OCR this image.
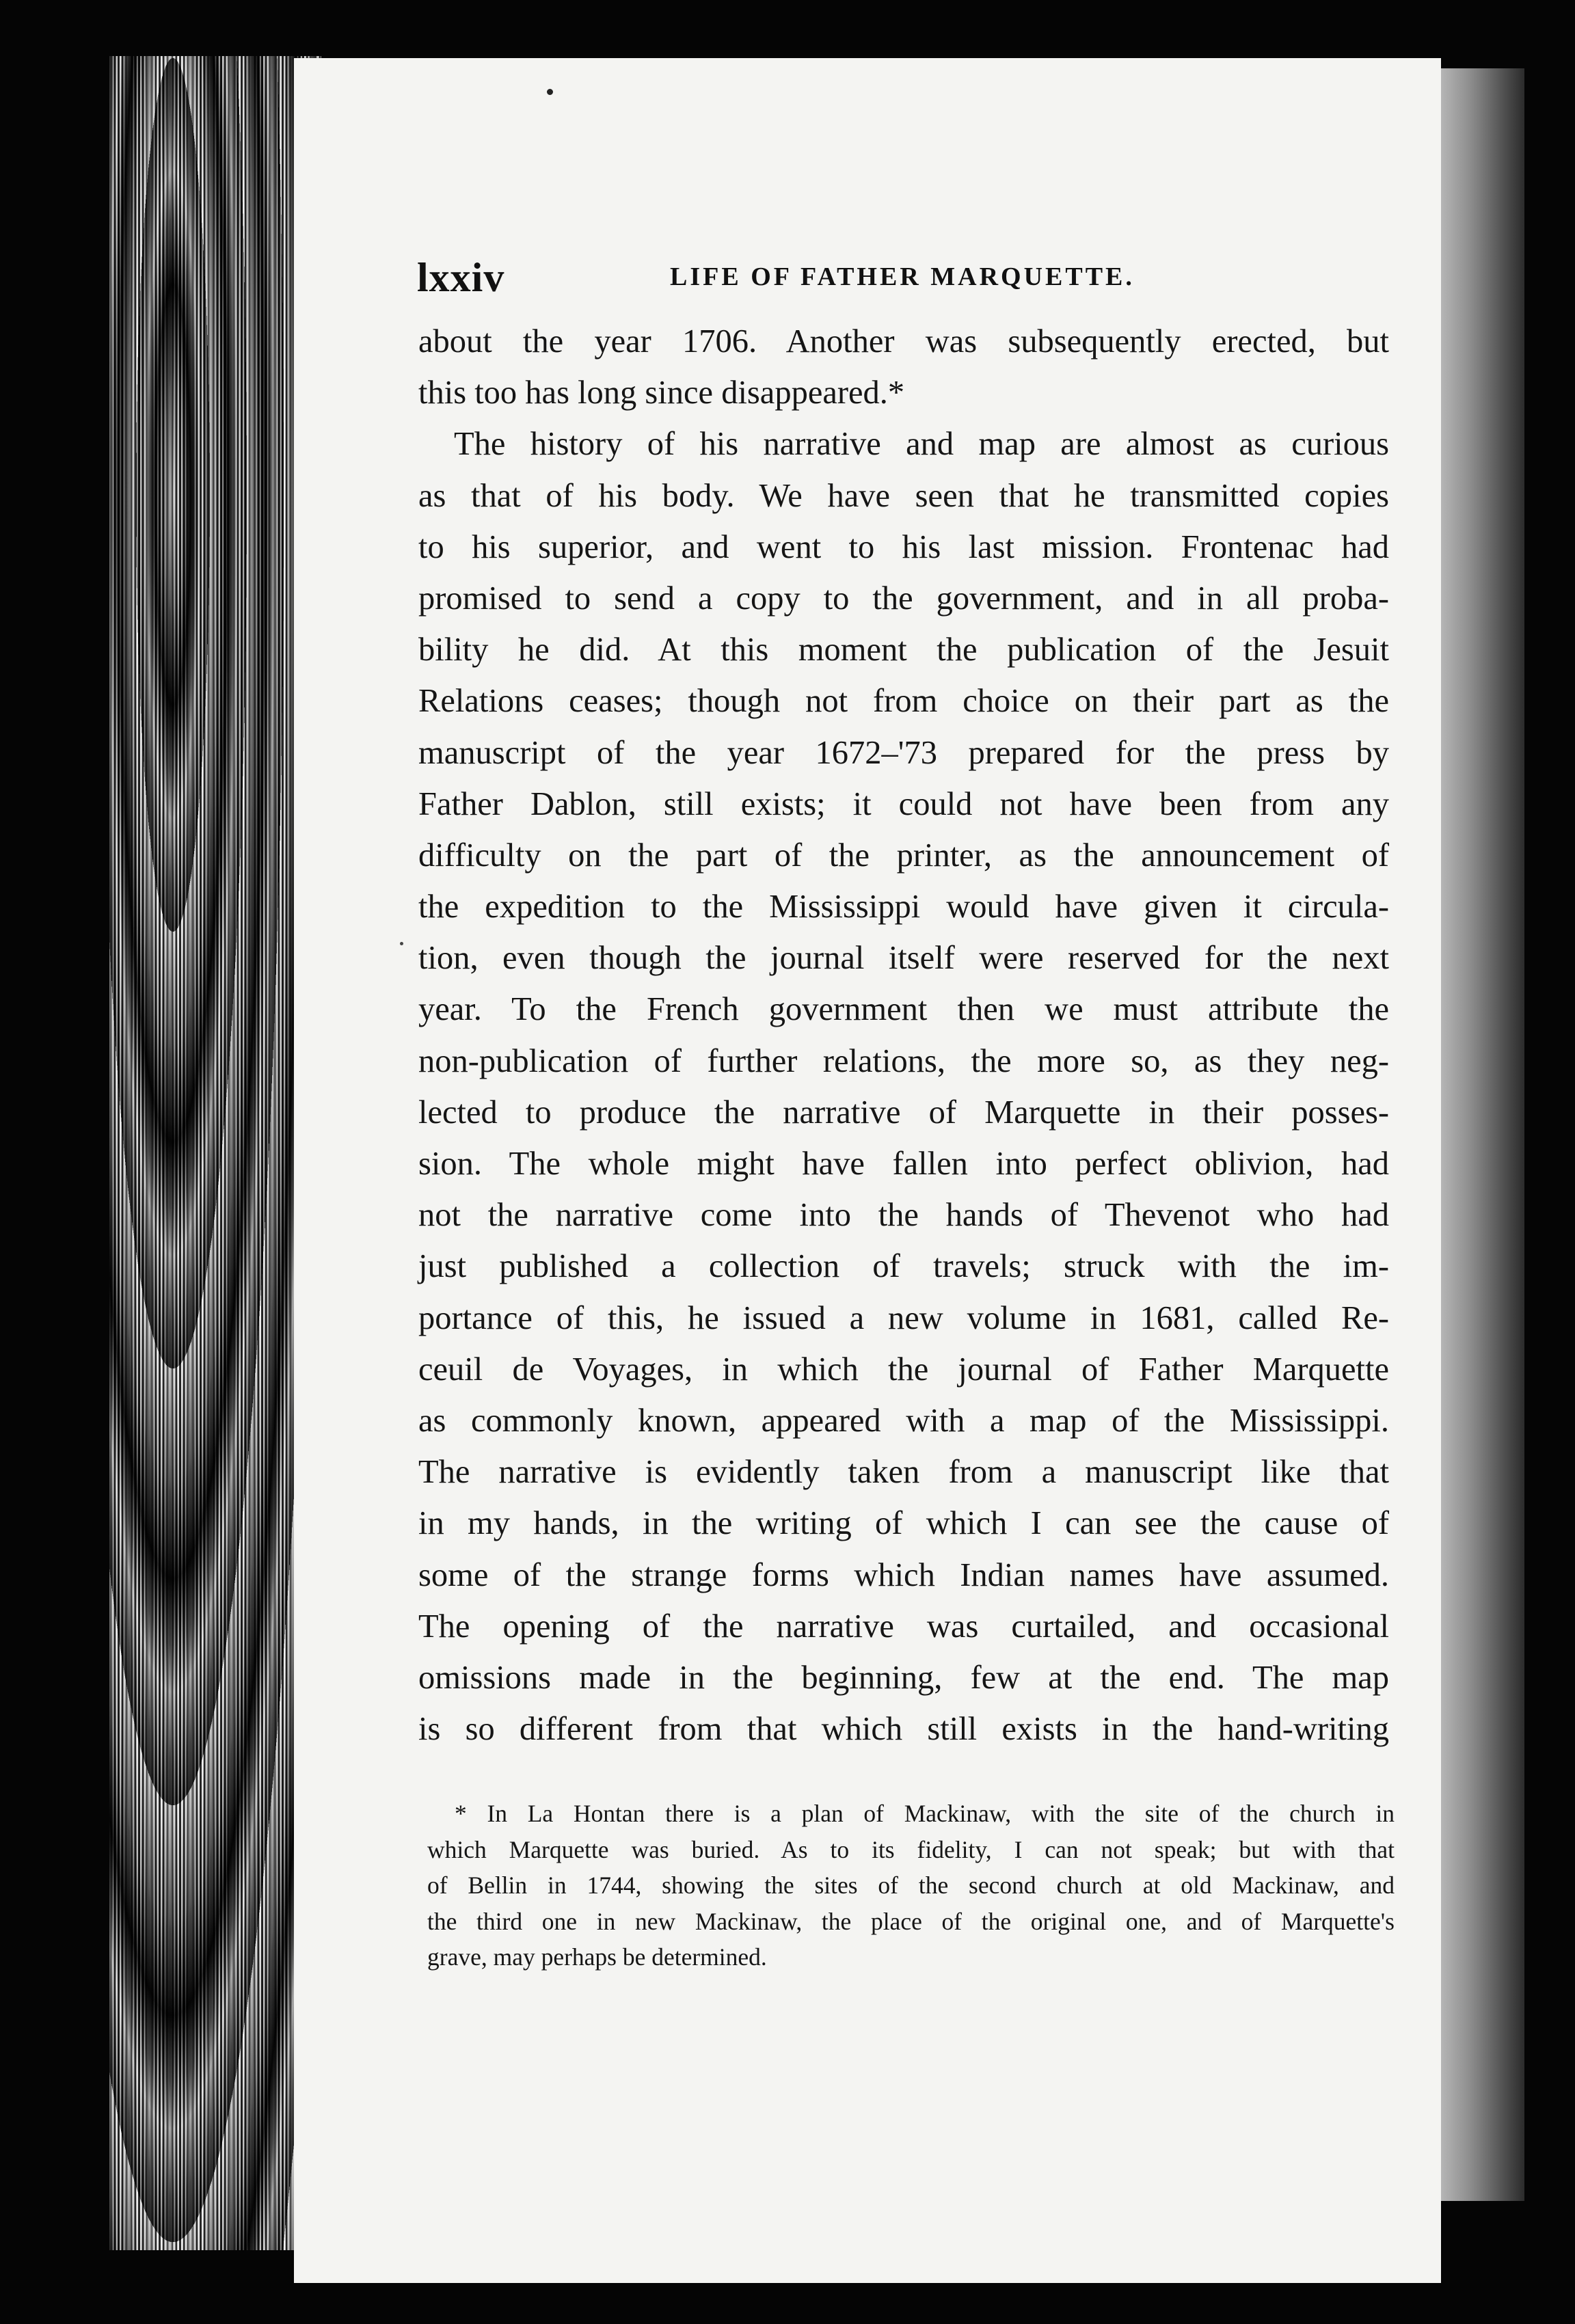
lxxiv	LIFE OF FATHER MARQUETTE.
about the year 1706. Another was subsequently erected, but
this too has long since disappeared.*
The history of his narrative and map are almost as curious
as that of his body. We have seen that he transmitted copies
to his superior, and went to his last mission. Frontenac had
promised to send a copy to the government, and in all proba-
bility he did. At this moment the publication of the Jesuit
Relations ceases; though not from choice on their part as the
manuscript of the year 1672–'73 prepared for the press by
Father Dablon, still exists; it could not have been from any
difficulty on the part of the printer, as the announcement of
the expedition to the Mississippi would have given it circula-
tion, even though the journal itself were reserved for the next
year. To the French government then we must attribute the
non-publication of further relations, the more so, as they neg-
lected to produce the narrative of Marquette in their posses-
sion. The whole might have fallen into perfect oblivion, had
not the narrative come into the hands of Thevenot who had
just published a collection of travels; struck with the im-
portance of this, he issued a new volume in 1681, called Re-
ceuil de Voyages, in which the journal of Father Marquette
as commonly known, appeared with a map of the Mississippi.
The narrative is evidently taken from a manuscript like that
in my hands, in the writing of which I can see the cause of
some of the strange forms which Indian names have assumed.
The opening of the narrative was curtailed, and occasional
omissions made in the beginning, few at the end. The map
is so different from that which still exists in the hand-writing
* In La Hontan there is a plan of Mackinaw, with the site of the church in
which Marquette was buried. As to its fidelity, I can not speak; but with that
of Bellin in 1744, showing the sites of the second church at old Mackinaw, and
the third one in new Mackinaw, the place of the original one, and of Marquette's
grave, may perhaps be determined.
